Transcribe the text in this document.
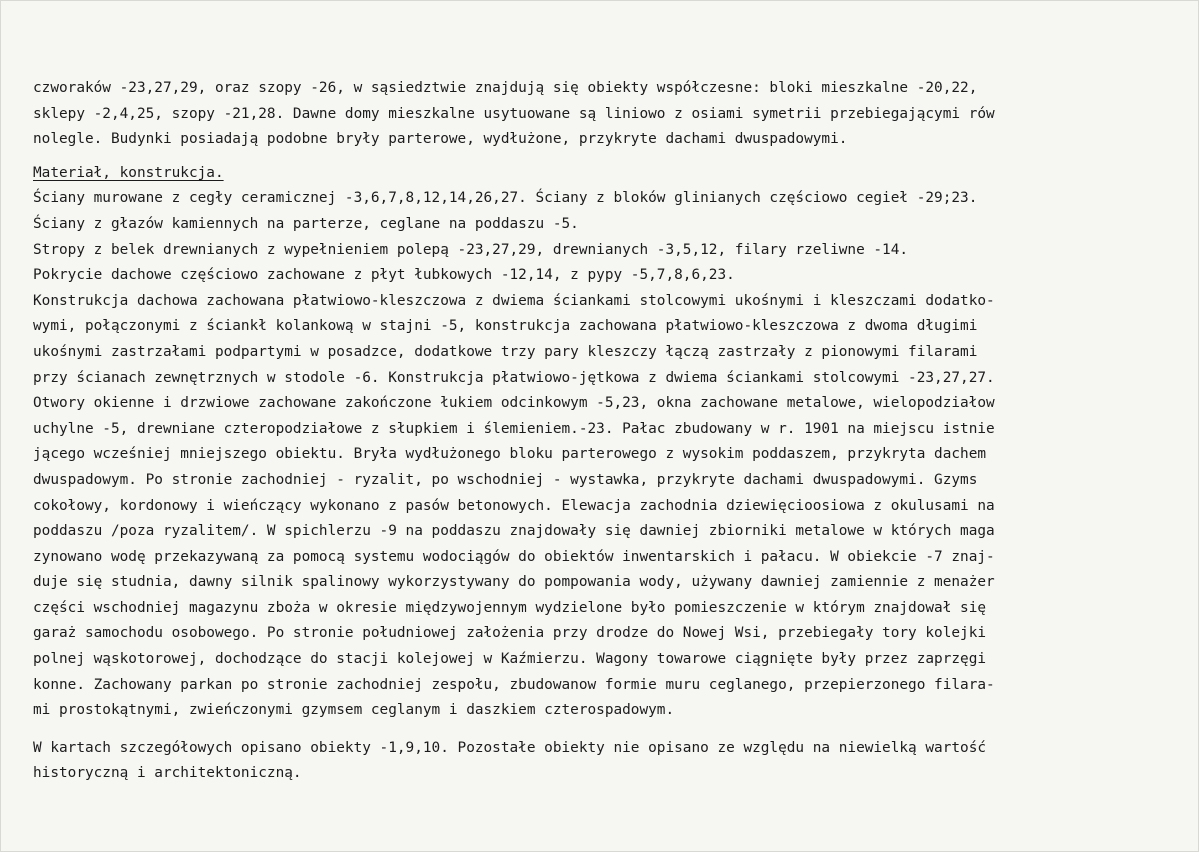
czworaków -23,27,29, oraz szopy -26, w sąsiedztwie znajdują się obiekty współczesne: bloki mieszkalne -20,22,
sklepy -2,4,25, szopy -21,28. Dawne domy mieszkalne usytuowane są liniowo z osiami symetrii przebiegającymi rów
nolegle. Budynki posiadają podobne bryły parterowe, wydłużone, przykryte dachami dwuspadowymi.
Materiał, konstrukcja.
Ściany murowane z cegły ceramicznej -3,6,7,8,12,14,26,27. Ściany z bloków glinianych częściowo cegieł -29;23.
Ściany z głazów kamiennych na parterze, ceglane na poddaszu -5.
Stropy z belek drewnianych z wypełnieniem polepą -23,27,29, drewnianych -3,5,12, filary rzeliwne -14.
Pokrycie dachowe częściowo zachowane z płyt łubkowych -12,14, z pypy -5,7,8,6,23.
Konstrukcja dachowa zachowana płatwiowo-kleszczowa z dwiema ściankami stolcowymi ukośnymi i kleszczami dodatko-
wymi, połączonymi z ściankł kolankową w stajni -5, konstrukcja zachowana płatwiowo-kleszczowa z dwoma długimi
ukośnymi zastrzałami podpartymi w posadzce, dodatkowe trzy pary kleszczy łączą zastrzały z pionowymi filarami
przy ścianach zewnętrznych w stodole -6. Konstrukcja płatwiowo-jętkowa z dwiema ściankami stolcowymi -23,27,27.
Otwory okienne i drzwiowe zachowane zakończone łukiem odcinkowym -5,23, okna zachowane metalowe, wielopodziałow
uchylne -5, drewniane czteropodziałowe z słupkiem i ślemieniem.-23. Pałac zbudowany w r. 1901 na miejscu istnie
jącego wcześniej mniejszego obiektu. Bryła wydłużonego bloku parterowego z wysokim poddaszem, przykryta dachem
dwuspadowym. Po stronie zachodniej - ryzalit, po wschodniej - wystawka, przykryte dachami dwuspadowymi. Gzyms
cokołowy, kordonowy i wieńczący wykonano z pasów betonowych. Elewacja zachodnia dziewięcioosiowa z okulusami na
poddaszu /poza ryzalitem/. W spichlerzu -9 na poddaszu znajdowały się dawniej zbiorniki metalowe w których maga
zynowano wodę przekazywaną za pomocą systemu wodociągów do obiektów inwentarskich i pałacu. W obiekcie -7 znaj-
duje się studnia, dawny silnik spalinowy wykorzystywany do pompowania wody, używany dawniej zamiennie z menażer
części wschodniej magazynu zboża w okresie międzywojennym wydzielone było pomieszczenie w którym znajdował się
garaż samochodu osobowego. Po stronie południowej założenia przy drodze do Nowej Wsi, przebiegały tory kolejki
polnej wąskotorowej, dochodzące do stacji kolejowej w Kaźmierzu. Wagony towarowe ciągnięte były przez zaprzęgi
konne. Zachowany parkan po stronie zachodniej zespołu, zbudowanow formie muru ceglanego, przepierzonego filara-
mi prostokątnymi, zwieńczonymi gzymsem ceglanym i daszkiem czterospadowym.
W kartach szczegółowych opisano obiekty -1,9,10. Pozostałe obiekty nie opisano ze względu na niewielką wartość
historyczną i architektoniczną.
